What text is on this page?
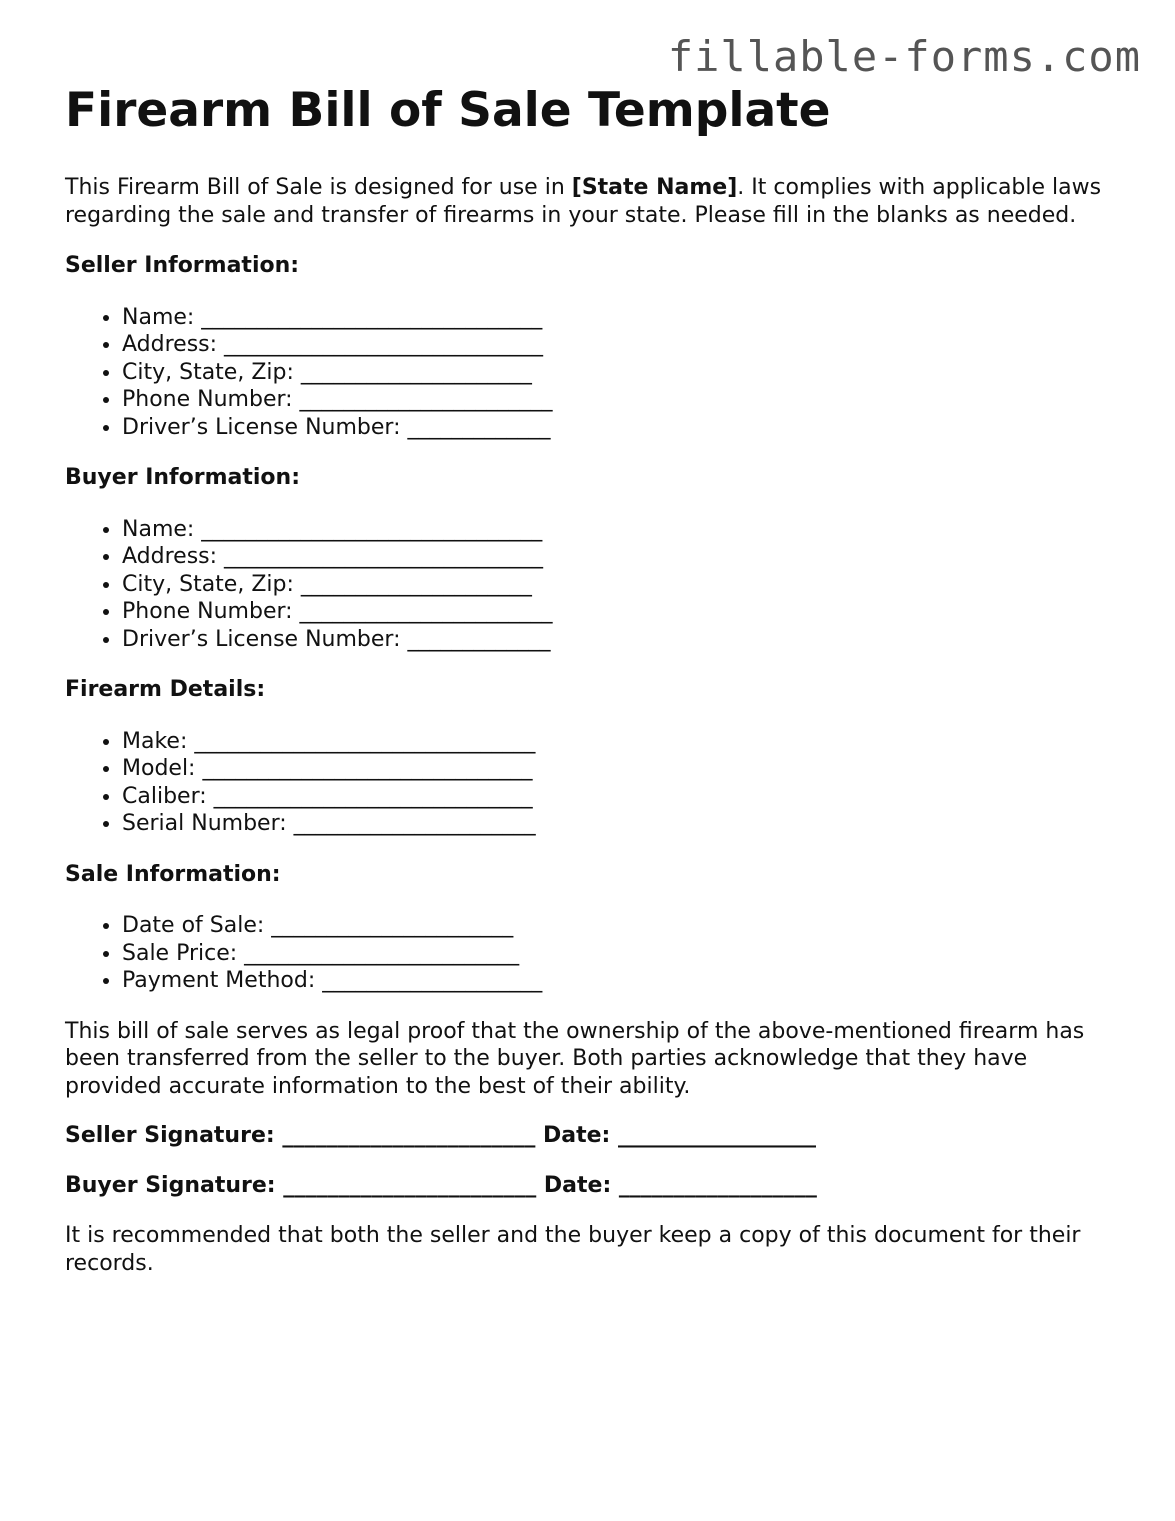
fillable-forms.com
Firearm Bill of Sale Template

This Firearm Bill of Sale is designed for use in [State Name]. It complies with applicable laws regarding the sale and transfer of firearms in your state. Please fill in the blanks as needed.

Seller Information:

• Name: _______________________________
• Address: _____________________________
• City, State, Zip: _____________________
• Phone Number: _______________________
• Driver’s License Number: _____________

Buyer Information:

• Name: _______________________________
• Address: _____________________________
• City, State, Zip: _____________________
• Phone Number: _______________________
• Driver’s License Number: _____________

Firearm Details:

• Make: _______________________________
• Model: ______________________________
• Caliber: _____________________________
• Serial Number: ______________________

Sale Information:

• Date of Sale: ______________________
• Sale Price: _________________________
• Payment Method: ____________________

This bill of sale serves as legal proof that the ownership of the above-mentioned firearm has been transferred from the seller to the buyer. Both parties acknowledge that they have provided accurate information to the best of their ability.

Seller Signature: _______________________ Date: __________________

Buyer Signature: _______________________ Date: __________________

It is recommended that both the seller and the buyer keep a copy of this document for their records.
